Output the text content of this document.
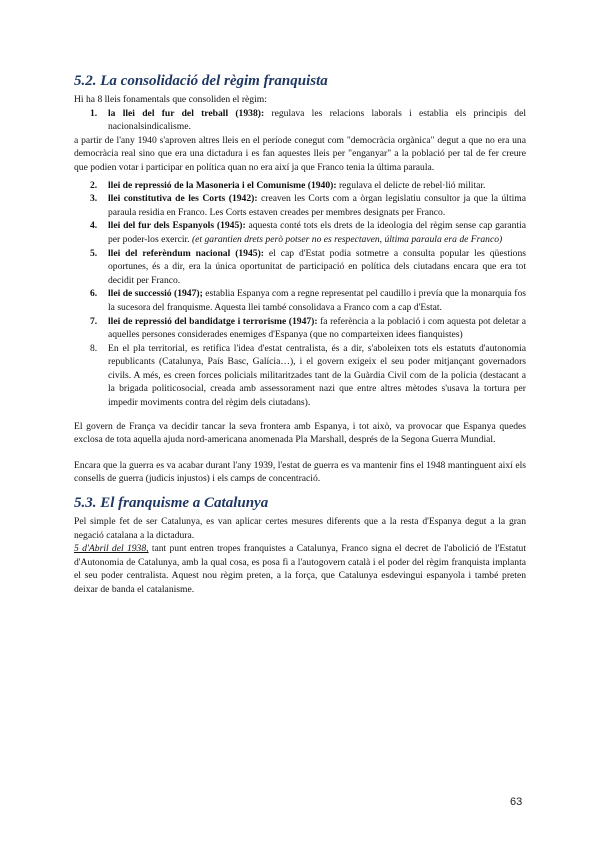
5.2. La consolidació del règim franquista

Hi ha 8 lleis fonamentals que consoliden el règim:

1. la llei del fur del treball (1938): regulava les relacions laborals i establia els principis del nacionalsindicalisme.

a partir de l'any 1940 s'aproven altres lleis en el període conegut com "democràcia orgànica" degut a que no era una democràcia real sino que era una dictadura i es fan aquestes lleis per "enganyar" a la població per tal de fer creure que podien votar i participar en política quan no era així ja que Franco tenia la última paraula.

2. llei de repressió de la Masoneria i el Comunisme (1940): regulava el delicte de rebel·lió militar.
3. llei constitutiva de les Corts (1942): creaven les Corts com a òrgan legislatiu consultor ja que la última paraula residia en Franco. Les Corts estaven creades per membres designats per Franco.
4. llei del fur dels Espanyols (1945): aquesta conté tots els drets de la ideologia del règim sense cap garantia per poder-los exercir. (et garantien drets però potser no es respectaven, última paraula era de Franco)
5. llei del referèndum nacional (1945): el cap d'Estat podia sotmetre a consulta popular les qüestions oportunes, és a dir, era la única oportunitat de participació en política dels ciutadans encara que era tot decidit per Franco.
6. llei de successió (1947); establia Espanya com a regne representat pel caudillo i prevía que la monarquia fos la sucesora del franquisme. Aquesta llei també consolidava a Franco com a cap d'Estat.
7. llei de repressió del bandidatge i terrorisme (1947): fa referència a la població i com aquesta pot deletar a aquelles persones considerades enemiges d'Espanya (que no comparteixen idees fianquistes)
8. En el pla territorial, es retifica l'idea d'estat centralista, és a dir, s'aboleixen tots els estatuts d'autonomia republicants (Catalunya, País Basc, Galícia…), i el govern exigeix el seu poder mitjançant governadors civils. A més, es creen forces policials militaritzades tant de la Guàrdia Civil com de la policia (destacant a la brigada politicosocial, creada amb assessorament nazi que entre altres mètodes s'usava la tortura per impedir moviments contra del règim dels ciutadans).

El govern de França va decidir tancar la seva frontera amb Espanya, i tot això, va provocar que Espanya quedes exclosa de tota aquella ajuda nord-americana anomenada Pla Marshall, després de la Segona Guerra Mundial.

Encara que la guerra es va acabar durant l'any 1939, l'estat de guerra es va mantenir fins el 1948 mantinguent així els consells de guerra (judicis injustos) i els camps de concentració.

5.3. El franquisme a Catalunya

Pel simple fet de ser Catalunya, es van aplicar certes mesures diferents que a la resta d'Espanya degut a la gran negació catalana a la dictadura.

5 d'Abril del 1938, tant punt entren tropes franquistes a Catalunya, Franco signa el decret de l'abolició de l'Estatut d'Autonomia de Catalunya, amb la qual cosa, es posa fi a l'autogovern català i el poder del règim franquista implanta el seu poder centralista. Aquest nou règim preten, a la força, que Catalunya esdevingui espanyola i també preten deixar de banda el catalanisme.

63
